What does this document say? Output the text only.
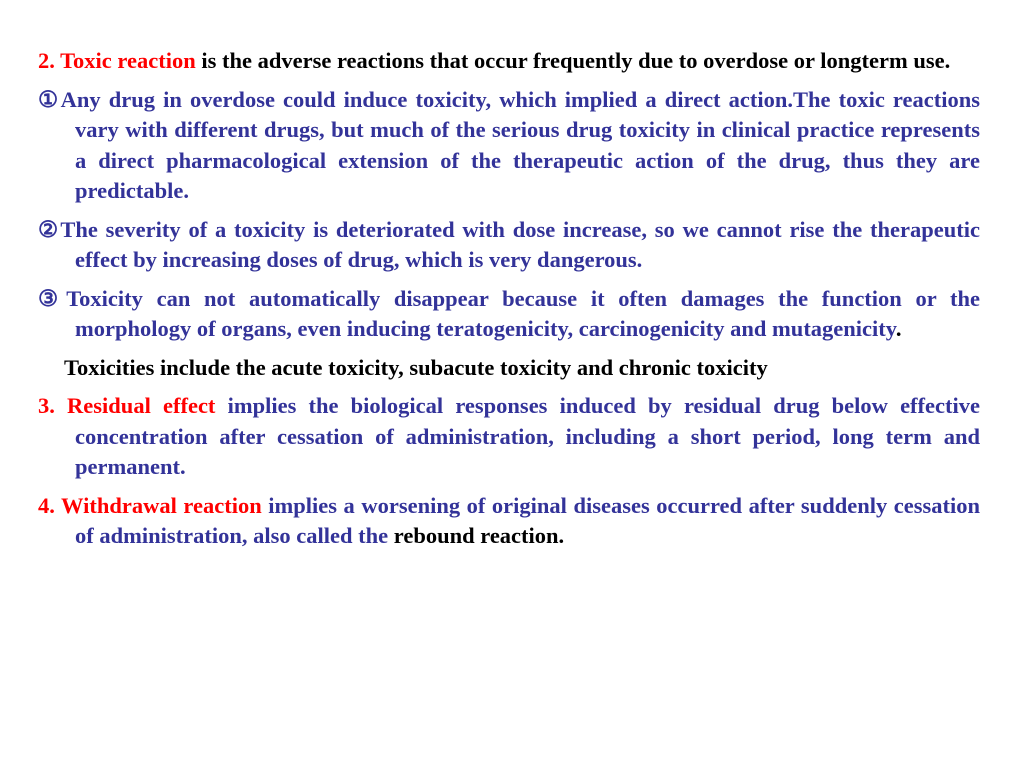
2. Toxic reaction is the adverse reactions that occur frequently due to overdose or longterm use.

①Any drug in overdose could induce toxicity, which implied a direct action.The toxic reactions vary with different drugs, but much of the serious drug toxicity in clinical practice represents a direct pharmacological extension of the therapeutic action of the drug, thus they are predictable.

②The severity of a toxicity is deteriorated with dose increase, so we cannot rise the therapeutic effect by increasing doses of drug, which is very dangerous.

③Toxicity can not automatically disappear because it often damages the function or the morphology of organs, even inducing teratogenicity, carcinogenicity and mutagenicity.

Toxicities include the acute toxicity, subacute toxicity and chronic toxicity

3. Residual effect implies the biological responses induced by residual drug below effective concentration after cessation of administration, including a short period, long term and permanent.

4. Withdrawal reaction implies a worsening of original diseases occurred after suddenly cessation of administration, also called the rebound reaction.
